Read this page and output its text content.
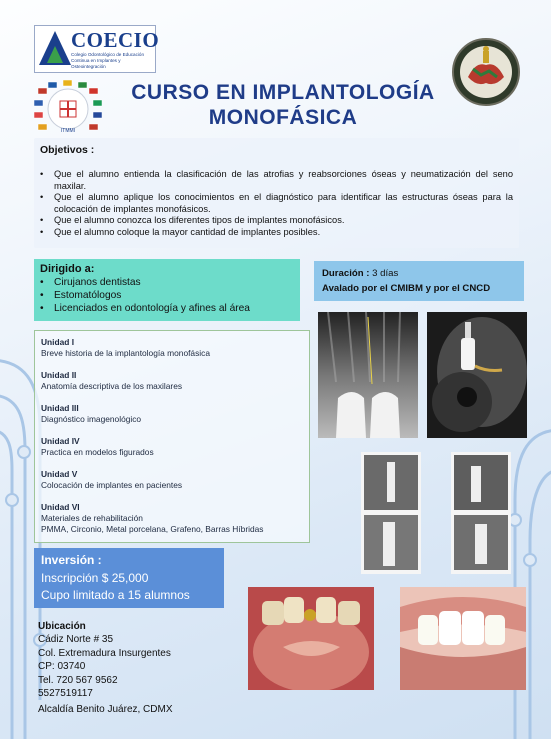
COECIO
Colegio Odontológico de Educación Continua en Implantes y Osteointegración
ITMMI
CURSO EN IMPLANTOLOGÍA
MONOFÁSICA
Objetivos :
• Que el alumno entienda la clasificación de las atrofias y reabsorciones óseas y neumatización del seno maxilar.
• Que el alumno aplique los conocimientos en el diagnóstico para identificar las estructuras óseas para la colocación de implantes monofásicos.
• Que el alumno conozca los diferentes tipos de implantes monofásicos.
• Que el alumno coloque la mayor cantidad de implantes posibles.
Dirigido a:
• Cirujanos dentistas
• Estomatólogos
• Licenciados en odontología y afines al área
Duración : 3 días
Avalado por el CMIBM y por el CNCD
Unidad I
Breve historia de la implantología monofásica
Unidad II
Anatomía descriptiva de los maxilares
Unidad III
Diagnóstico imagenológico
Unidad IV
Practica en modelos figurados
Unidad V
Colocación de implantes en pacientes
Unidad VI
Materiales de rehabilitación
PMMA, Circonio, Metal porcelana, Grafeno, Barras Híbridas
Inversión :
Inscripción $ 25,000
Cupo limitado a 15 alumnos
Ubicación
Cádiz Norte # 35
Col. Extremadura Insurgentes
CP: 03740
Tel. 720 567 9562
5527519117
Alcaldía Benito Juárez, CDMX
